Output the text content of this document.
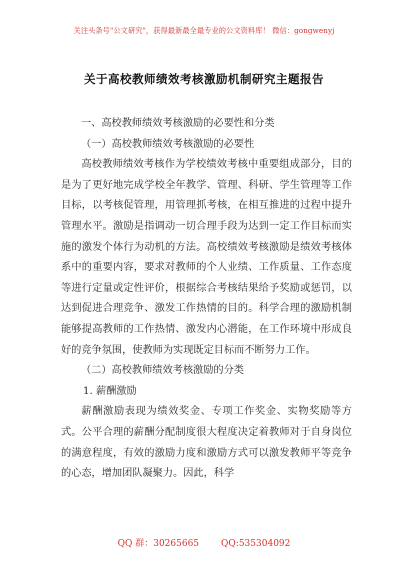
关注头条号"公文研究"，获得最新最全最专业的公文资料库！ 微信：gongwenyj
关于高校教师绩效考核激励机制研究主题报告

一、高校教师绩效考核激励的必要性和分类

（一）高校教师绩效考核激励的必要性

高校教师绩效考核作为学校绩效考核中重要组成部分，目的是为了更好地完成学校全年教学、管理、科研、学生管理等工作目标，以考核促管理，用管理抓考核，在相互推进的过程中提升管理水平。激励是指调动一切合理手段为达到一定工作目标而实施的激发个体行为动机的方法。高校绩效考核激励是绩效考核体系中的重要内容，要求对教师的个人业绩、工作质量、工作态度等进行定量或定性评价，根据综合考核结果给予奖励或惩罚，以达到促进合理竞争、激发工作热情的目的。科学合理的激励机制能够提高教师的工作热情、激发内心潜能，在工作环境中形成良好的竞争氛围，使教师为实现既定目标而不断努力工作。

（二）高校教师绩效考核激励的分类

1. 薪酬激励

薪酬激励表现为绩效奖金、专项工作奖金、实物奖励等方式。公平合理的薪酬分配制度很大程度决定着教师对于自身岗位的满意程度，有效的激励力度和激励方式可以激发教师平等竞争的心态，增加团队凝聚力。因此，科学

QQ 群：30265665 QQ:535304092
